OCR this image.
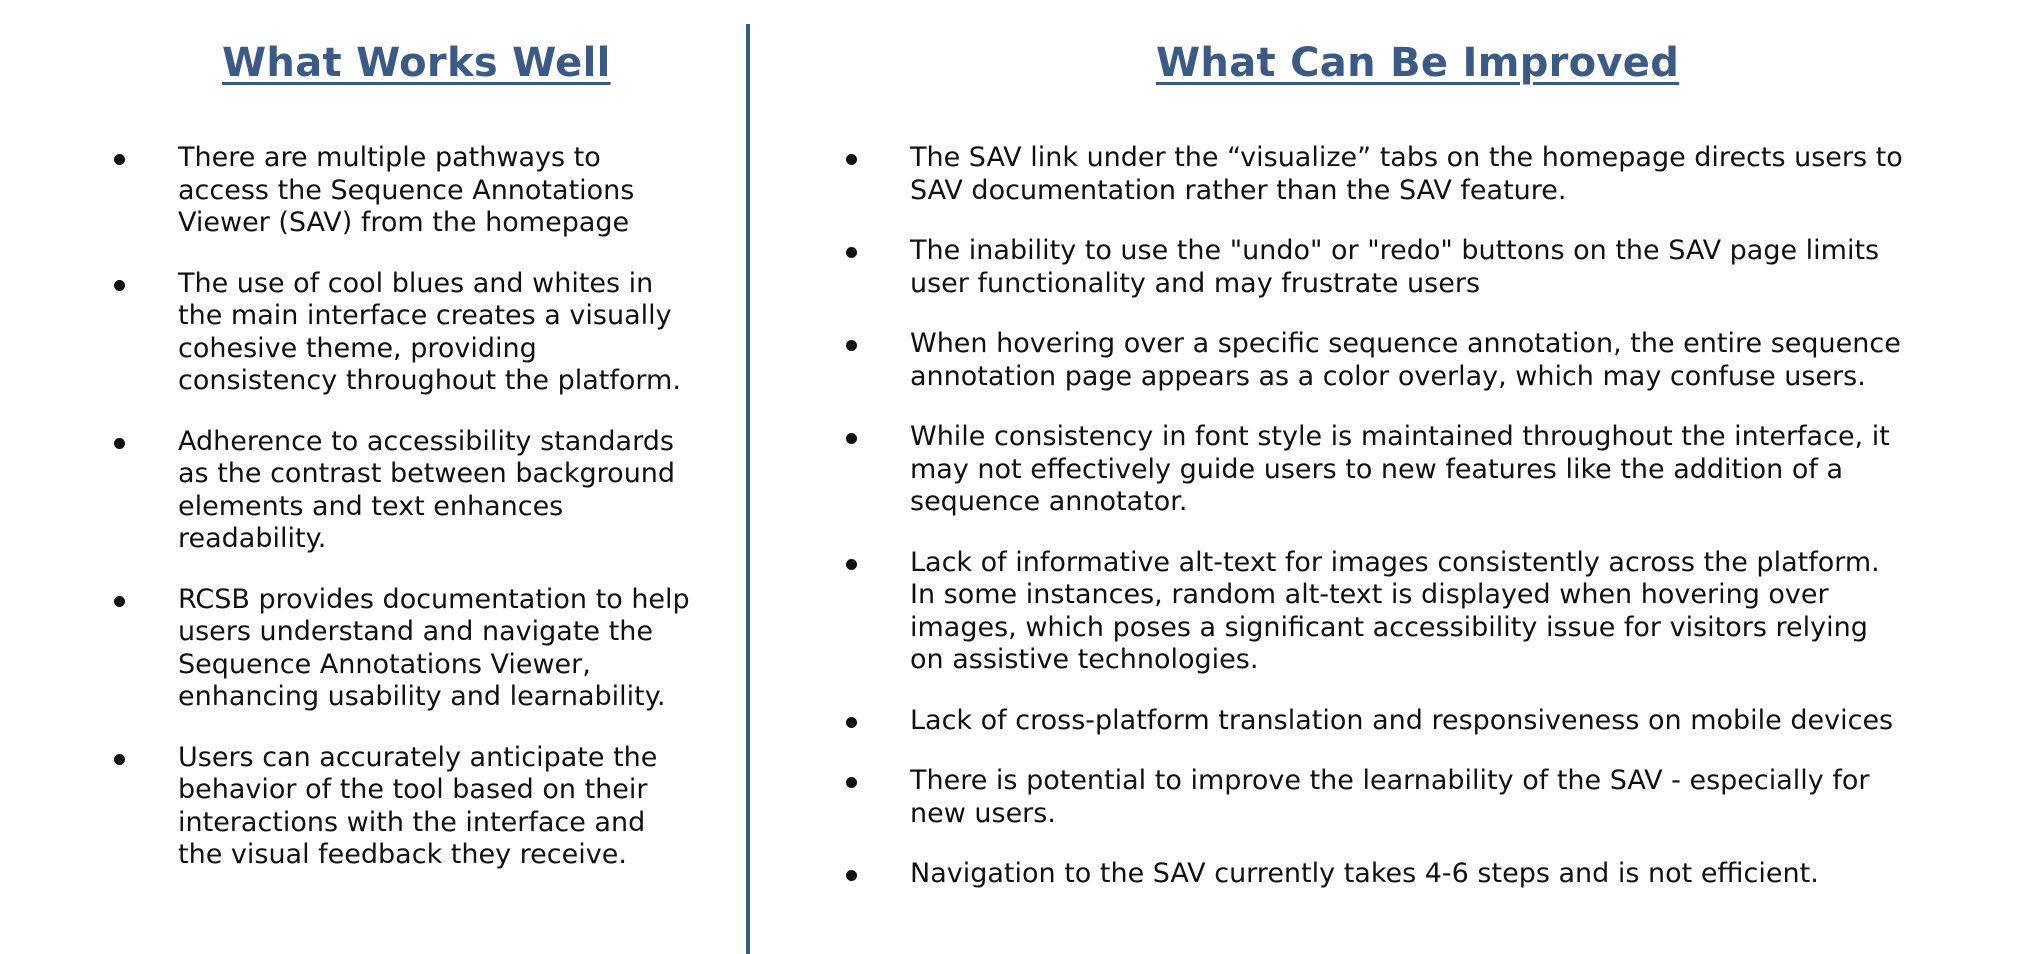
What Works Well
There are multiple pathways to access the Sequence Annotations Viewer (SAV) from the homepage
The use of cool blues and whites in the main interface creates a visually cohesive theme, providing consistency throughout the platform.
Adherence to accessibility standards as the contrast between background elements and text enhances readability.
RCSB provides documentation to help users understand and navigate the Sequence Annotations Viewer, enhancing usability and learnability.
Users can accurately anticipate the behavior of the tool based on their interactions with the interface and the visual feedback they receive.
What Can Be Improved
The SAV link under the “visualize” tabs on the homepage directs users to SAV documentation rather than the SAV feature.
The inability to use the "undo" or "redo" buttons on the SAV page limits user functionality and may frustrate users
When hovering over a specific sequence annotation, the entire sequence annotation page appears as a color overlay, which may confuse users.
While consistency in font style is maintained throughout the interface, it may not effectively guide users to new features like the addition of a sequence annotator.
Lack of informative alt-text for images consistently across the platform. In some instances, random alt-text is displayed when hovering over images, which poses a significant accessibility issue for visitors relying on assistive technologies.
Lack of cross-platform translation and responsiveness on mobile devices
There is potential to improve the learnability of the SAV - especially for new users.
Navigation to the SAV currently takes 4-6 steps and is not efficient.
